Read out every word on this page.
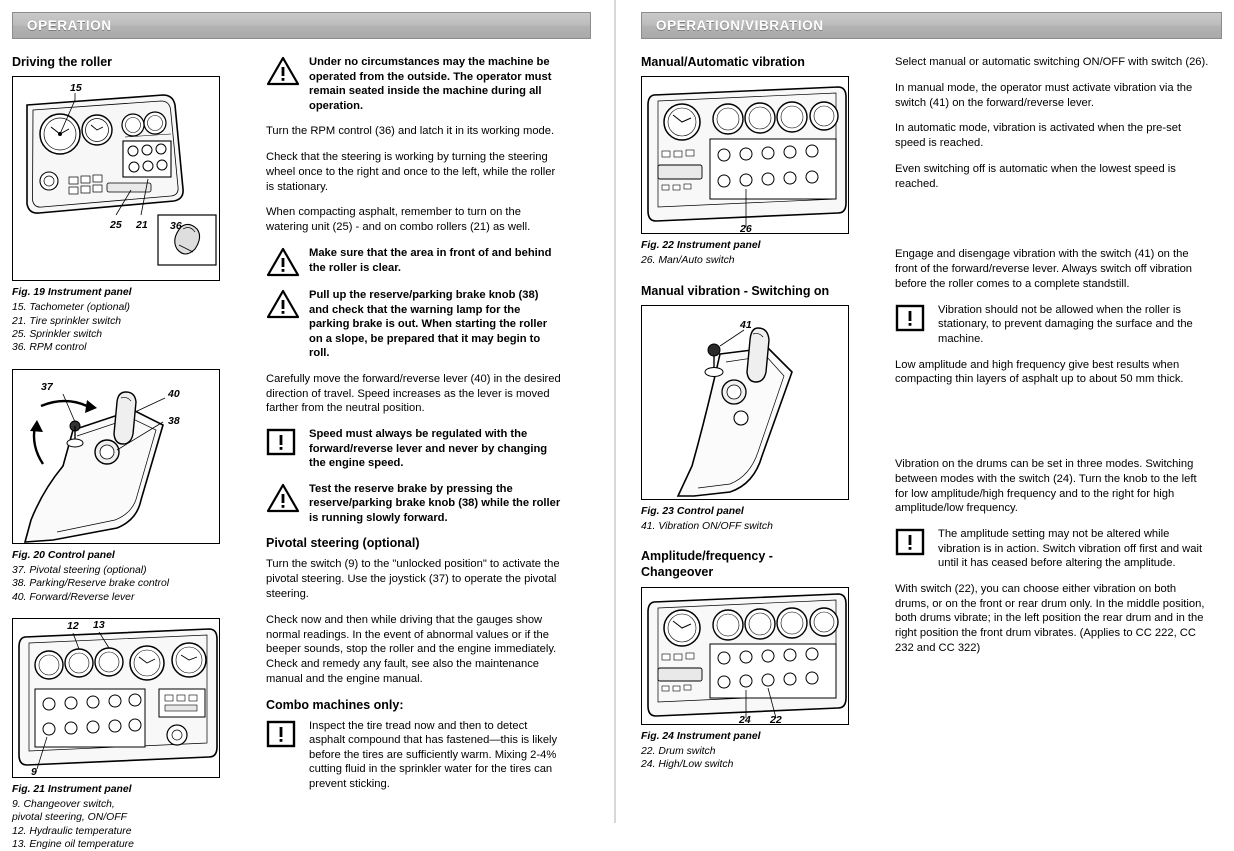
OPERATION
Driving the roller
15
25 21 36
Fig. 19 Instrument panel
15. Tachometer (optional)
21. Tire sprinkler switch
25. Sprinkler switch
36. RPM control
37
40
38
Fig. 20 Control panel
37. Pivotal steering (optional)
38. Parking/Reserve brake control
40. Forward/Reverse lever
12 13
9
Fig. 21 Instrument panel
9. Changeover switch,
pivotal steering, ON/OFF
12. Hydraulic temperature
13. Engine oil temperature
Under no circumstances may the machine be operated from the outside. The operator must remain seated inside the machine during all operation.

Turn the RPM control (36) and latch it in its working mode.

Check that the steering is working by turning the steering wheel once to the right and once to the left, while the roller is stationary.

When compacting asphalt, remember to turn on the watering unit (25) - and on combo rollers (21) as well.

Make sure that the area in front of and behind the roller is clear.
Pull up the reserve/parking brake knob (38) and check that the warning lamp for the parking brake is out. When starting the roller on a slope, be prepared that it may begin to roll.

Carefully move the forward/reverse lever (40) in the desired direction of travel. Speed increases as the lever is moved farther from the neutral position.

Speed must always be regulated with the forward/reverse lever and never by changing the engine speed.
Test the reserve brake by pressing the reserve/parking brake knob (38) while the roller is running slowly forward.
Pivotal steering (optional)

Turn the switch (9) to the "unlocked position" to activate the pivotal steering. Use the joystick (37) to operate the pivotal steering.

Check now and then while driving that the gauges show normal readings. In the event of abnormal values or if the beeper sounds, stop the roller and the engine immediately. Check and remedy any fault, see also the maintenance manual and the engine manual.

Combo machines only:
Inspect the tire tread now and then to detect asphalt compound that has fastened—this is likely before the tires are sufficiently warm. Mixing 2-4% cutting fluid in the sprinkler water for the tires can prevent sticking.
OPERATION/VIBRATION
Manual/Automatic vibration
26
Fig. 22 Instrument panel
26. Man/Auto switch
Manual vibration - Switching on
41
Fig. 23 Control panel
41. Vibration ON/OFF switch
Amplitude/frequency -
Changeover
24 22
Fig. 24 Instrument panel
22. Drum switch
24. High/Low switch

Select manual or automatic switching ON/OFF with switch (26).

In manual mode, the operator must activate vibration via the switch (41) on the forward/reverse lever.

In automatic mode, vibration is activated when the pre-set speed is reached.

Even switching off is automatic when the lowest speed is reached.

Engage and disengage vibration with the switch (41) on the front of the forward/reverse lever. Always switch off vibration before the roller comes to a complete standstill.

Vibration should not be allowed when the roller is stationary, to prevent damaging the surface and the machine.

Low amplitude and high frequency give best results when compacting thin layers of asphalt up to about 50 mm thick.

Vibration on the drums can be set in three modes. Switching between modes with the switch (24). Turn the knob to the left for low amplitude/high frequency and to the right for high amplitude/low frequency.

The amplitude setting may not be altered while vibration is in action. Switch vibration off first and wait until it has ceased before altering the amplitude.

With switch (22), you can choose either vibration on both drums, or on the front or rear drum only. In the middle position, both drums vibrate; in the left position the rear drum and in the right position the front drum vibrates. (Applies to CC 222, CC 232 and CC 322)
